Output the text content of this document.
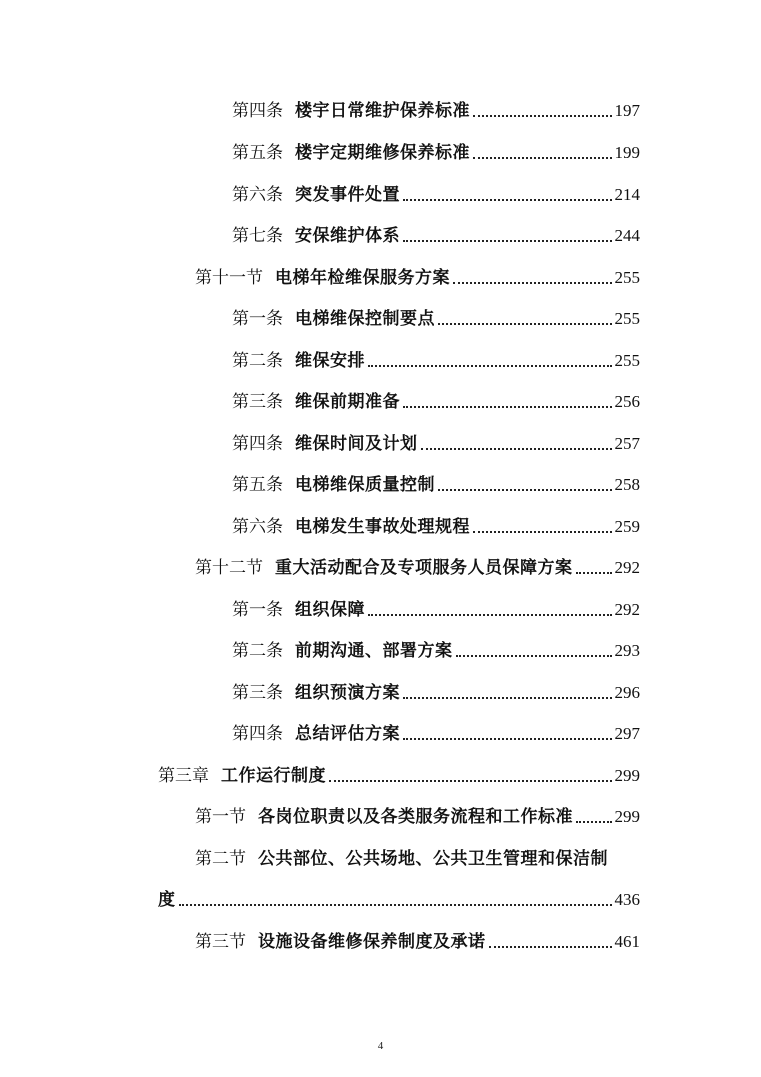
第四条 楼宇日常维护保养标准	197
第五条 楼宇定期维修保养标准	199
第六条 突发事件处置	214
第七条 安保维护体系	244
第十一节 电梯年检维保服务方案	255
第一条 电梯维保控制要点	255
第二条 维保安排	255
第三条 维保前期准备	256
第四条 维保时间及计划	257
第五条 电梯维保质量控制	258
第六条 电梯发生事故处理规程	259
第十二节 重大活动配合及专项服务人员保障方案 292
第一条 组织保障	292
第二条 前期沟通、部署方案	293
第三条 组织预演方案	296
第四条 总结评估方案	297
第三章 工作运行制度	299
第一节 各岗位职责以及各类服务流程和工作标准 299
第二节 公共部位、公共场地、公共卫生管理和保洁制
度	436
第三节 设施设备维修保养制度及承诺	461
4
